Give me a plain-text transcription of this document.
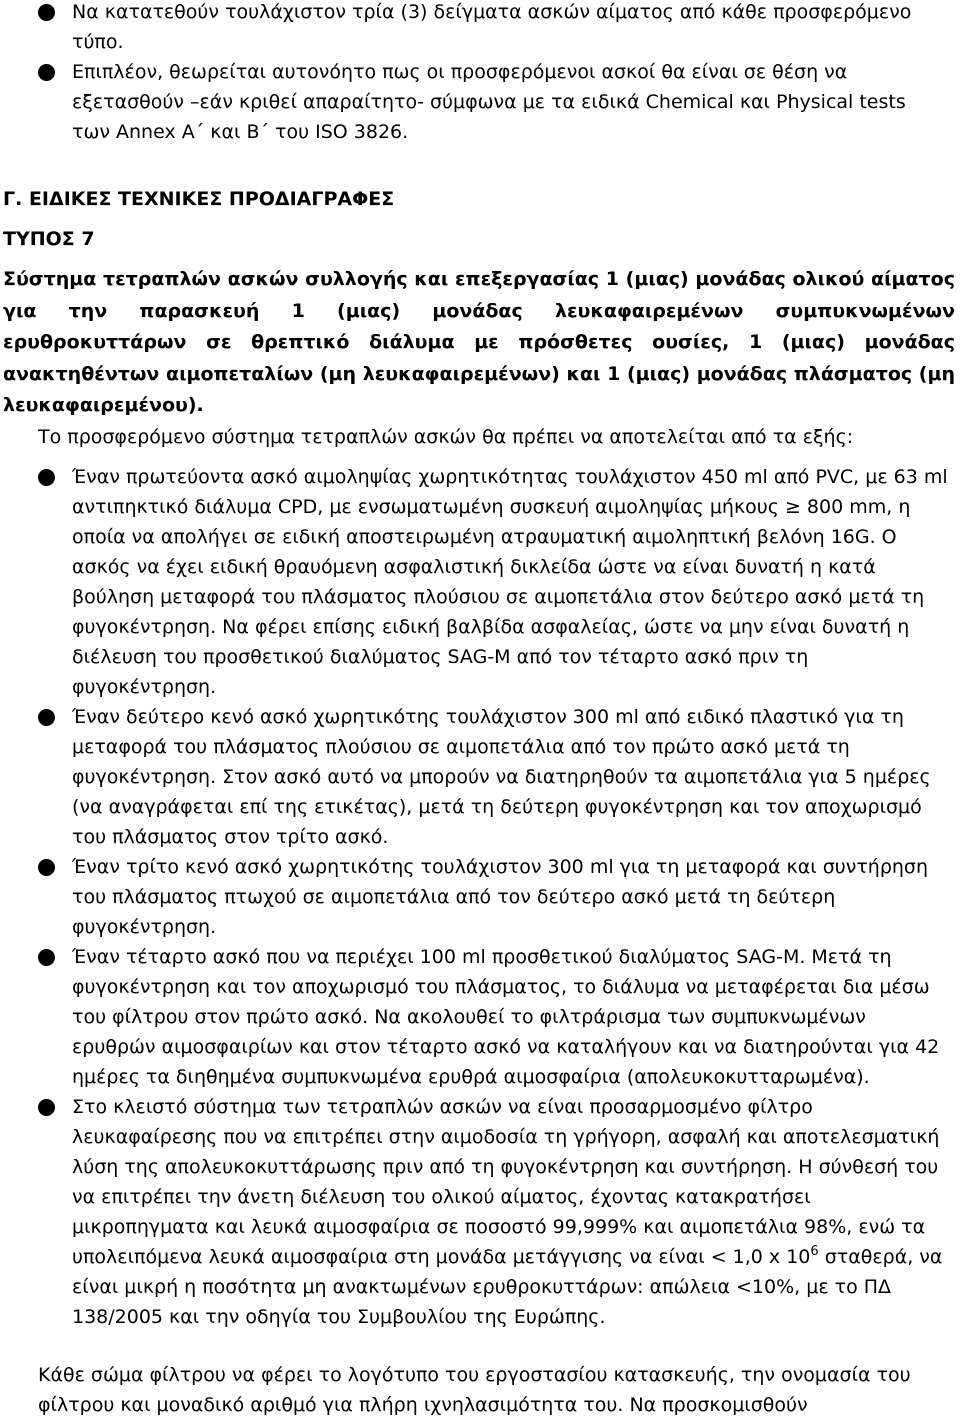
Να κατατεθούν τουλάχιστον τρία (3) δείγματα ασκών αίματος από κάθε προσφερόμενο τύπο.
Επιπλέον, θεωρείται αυτονόητο πως οι προσφερόμενοι ασκοί θα είναι σε θέση να εξετασθούν –εάν κριθεί απαραίτητο- σύμφωνα με τα ειδικά Chemical και Physical tests των Annex Α΄ και Β΄ του ISO 3826.
Γ. ΕΙΔΙΚΕΣ ΤΕΧΝΙΚΕΣ ΠΡΟΔΙΑΓΡΑΦΕΣ
ΤΥΠΟΣ 7
Σύστημα τετραπλών ασκών συλλογής και επεξεργασίας 1 (μιας) μονάδας ολικού αίματος για την παρασκευή 1 (μιας) μονάδας λευκαφαιρεμένων συμπυκνωμένων ερυθροκυττάρων σε θρεπτικό διάλυμα με πρόσθετες ουσίες, 1 (μιας) μονάδας ανακτηθέντων αιμοπεταλίων (μη λευκαφαιρεμένων) και 1 (μιας) μονάδας πλάσματος (μη λευκαφαιρεμένου).
Το προσφερόμενο σύστημα τετραπλών ασκών θα πρέπει να αποτελείται από τα εξής:
Έναν πρωτεύοντα ασκό αιμοληψίας χωρητικότητας τουλάχιστον 450 ml από PVC, με 63 ml αντιπηκτικό διάλυμα CPD, με ενσωματωμένη συσκευή αιμοληψίας μήκους ≥ 800 mm, η οποία να απολήγει σε ειδική αποστειρωμένη ατραυματική αιμοληπτική βελόνη 16G. Ο ασκός να έχει ειδική θραυόμενη ασφαλιστική δικλείδα ώστε να είναι δυνατή η κατά βούληση μεταφορά του πλάσματος πλούσιου σε αιμοπετάλια στον δεύτερο ασκό μετά τη φυγοκέντρηση. Να φέρει επίσης ειδική βαλβίδα ασφαλείας, ώστε να μην είναι δυνατή η διέλευση του προσθετικού διαλύματος SAG-M από τον τέταρτο ασκό πριν τη φυγοκέντρηση.
Έναν δεύτερο κενό ασκό χωρητικότης τουλάχιστον 300 ml από ειδικό πλαστικό για τη μεταφορά του πλάσματος πλούσιου σε αιμοπετάλια από τον πρώτο ασκό μετά τη φυγοκέντρηση. Στον ασκό αυτό να μπορούν να διατηρηθούν τα αιμοπετάλια για 5 ημέρες (να αναγράφεται επί της ετικέτας), μετά τη δεύτερη φυγοκέντρηση και τον αποχωρισμό του πλάσματος στον τρίτο ασκό.
Έναν τρίτο κενό ασκό χωρητικότης τουλάχιστον 300 ml για τη μεταφορά και συντήρηση του πλάσματος πτωχού σε αιμοπετάλια από τον δεύτερο ασκό μετά τη δεύτερη φυγοκέντρηση.
Έναν τέταρτο ασκό που να περιέχει 100 ml προσθετικού διαλύματος SAG-M. Μετά τη φυγοκέντρηση και τον αποχωρισμό του πλάσματος, το διάλυμα να μεταφέρεται δια μέσω του φίλτρου στον πρώτο ασκό. Να ακολουθεί το φιλτράρισμα των συμπυκνωμένων ερυθρών αιμοσφαιρίων και στον τέταρτο ασκό να καταλήγουν και να διατηρούνται για 42 ημέρες τα διηθημένα συμπυκνωμένα ερυθρά αιμοσφαίρια (απολευκοκυτταρωμένα).
Στο κλειστό σύστημα των τετραπλών ασκών να είναι προσαρμοσμένο φίλτρο λευκαφαίρεσης που να επιτρέπει στην αιμοδοσία τη γρήγορη, ασφαλή και αποτελεσματική λύση της απολευκοκυττάρωσης πριν από τη φυγοκέντρηση και συντήρηση. Η σύνθεσή του να επιτρέπει την άνετη διέλευση του ολικού αίματος, έχοντας κατακρατήσει μικροπηγματα και λευκά αιμοσφαίρια σε ποσοστό 99,999% και αιμοπετάλια 98%, ενώ τα υπολειπόμενα λευκά αιμοσφαίρια στη μονάδα μετάγγισης να είναι < 1,0 x $10^6$ σταθερά, να είναι μικρή η ποσότητα μη ανακτωμένων ερυθροκυττάρων: απώλεια <10%, με το ΠΔ 138/2005 και την οδηγία του Συμβουλίου της Ευρώπης.
Κάθε σώμα φίλτρου να φέρει το λογότυπο του εργοστασίου κατασκευής, την ονομασία του φίλτρου και μοναδικό αριθμό για πλήρη ιχνηλασιμότητα του. Να προσκομισθούν
